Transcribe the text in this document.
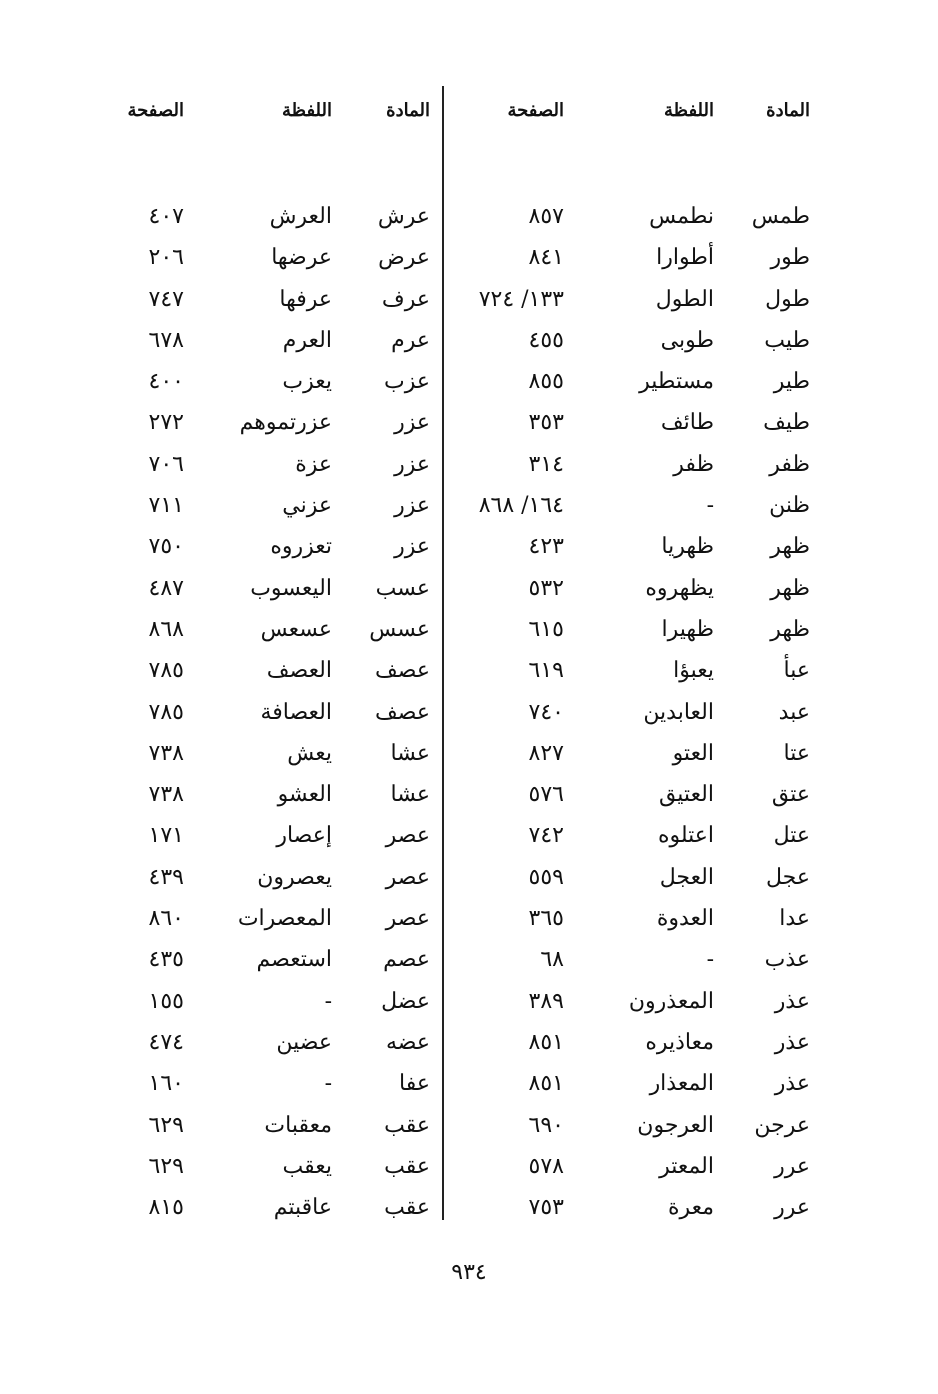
المادة
اللفظة
الصفحة
طمس
نطمس
٨٥٧
طور
أطوارا
٨٤١
طول
الطول
١٣٣/ ٧٢٤
طيب
طوبى
٤٥٥
طير
مستطير
٨٥٥
طيف
طائف
٣٥٣
ظفر
ظفر
٣١٤
ظنن
-
١٦٤/ ٨٦٨
ظهر
ظهريا
٤٢٣
ظهر
يظهروه
٥٣٢
ظهر
ظهيرا
٦١٥
عبأ
يعبؤا
٦١٩
عبد
العابدين
٧٤٠
عتا
العتو
٨٢٧
عتق
العتيق
٥٧٦
عتل
اعتلوه
٧٤٢
عجل
العجل
٥٥٩
عدا
العدوة
٣٦٥
عذب
-
٦٨
عذر
المعذرون
٣٨٩
عذر
معاذيره
٨٥١
عذر
المعذار
٨٥١
عرجن
العرجون
٦٩٠
عرر
المعتر
٥٧٨
عرر
معرة
٧٥٣
المادة
اللفظة
الصفحة
عرش
العرش
٤٠٧
عرض
عرضها
٢٠٦
عرف
عرفها
٧٤٧
عرم
العرم
٦٧٨
عزب
يعزب
٤٠٠
عزر
عزرتموهم
٢٧٢
عزر
عزة
٧٠٦
عزر
عزني
٧١١
عزر
تعزروه
٧٥٠
عسب
اليعسوب
٤٨٧
عسس
عسعس
٨٦٨
عصف
العصف
٧٨٥
عصف
العصافة
٧٨٥
عشا
يعش
٧٣٨
عشا
العشو
٧٣٨
عصر
إعصار
١٧١
عصر
يعصرون
٤٣٩
عصر
المعصرات
٨٦٠
عصم
استعصم
٤٣٥
عضل
-
١٥٥
عضه
عضين
٤٧٤
عفا
-
١٦٠
عقب
معقبات
٦٢٩
عقب
يعقب
٦٢٩
عقب
عاقبتم
٨١٥
٩٣٤
